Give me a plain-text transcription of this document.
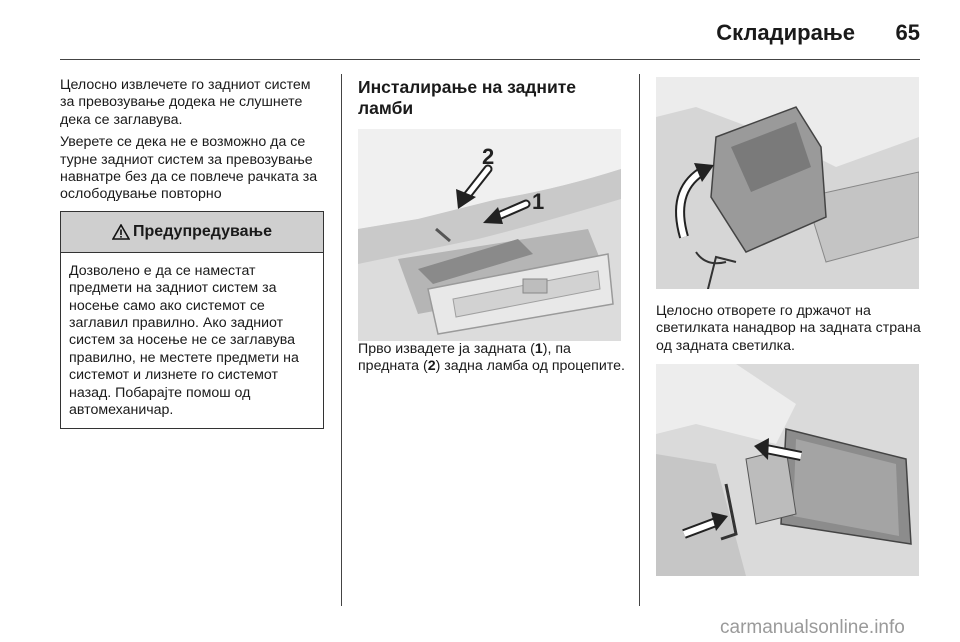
Складирање	65

Целосно извлечете го задниот систем за превозување додека не слушнете дека се заглавува.

Уверете се дека не е возможно да се турне задниот систем за превозување навнатре без да се повлече рачката за ослободување повторно

Предупредување
Дозволено е да се наместат предмети на задниот систем за носење само ако системот се заглавил правилно. Ако задниот систем за носење не се заглавува правилно, не местете предмети на системот и лизнете го системот назад. Побарајте помош од автомеханичар.
Инсталирање на задните ламби
2
1

Прво извадете ја задната (1), па предната (2) задна ламба од процепите.

Целосно отворете го држачот на светилката нанадвор на задната страна од задната светилка.

carmanualsonline.info
